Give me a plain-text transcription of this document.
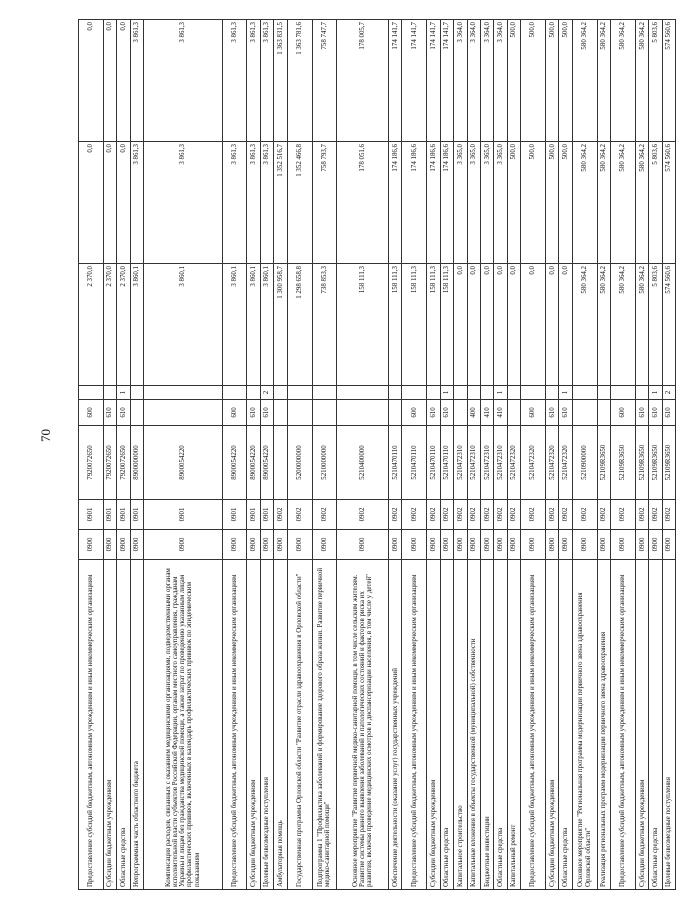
70
Предоставление субсидий бюджетным, автономным учреждениям и иным некоммерческим организациям	0900	0901	7920072650	600		2 370,0	0,0	0,0
Субсидии бюджетным учреждениям	0900	0901	7920072650	610		2 370,0	0,0	0,0
Областные средства	0900	0901	7920072650	610	1	2 370,0	0,0	0,0
Непрограммная часть областного бюджета	0900	0901	8900000000			3 860,1	3 861,3	3 861,3
Компенсация расходов, связанных с оказанием медицинскими организациями, подведомственными органам исполнительной власти субъектов Российской Федерации, органам местного самоуправления, гражданам Украины и лицам без гражданства медицинской помощи, а также затрат по проведению указанным лицам профилактических прививок, включенных в календарь профилактических прививок по эпидемическим показаниям	0900	0901	8900054220			3 860,1	3 861,3	3 861,3
Предоставление субсидий бюджетным, автономным учреждениям и иным некоммерческим организациям	0900	0901	8900054220	600		3 860,1	3 861,3	3 861,3
Субсидии бюджетным учреждениям	0900	0901	8900054220	610		3 860,1	3 861,3	3 861,3
Целевые безвозмездные поступления	0900	0901	8900054220	610	2	3 860,1	3 861,3	3 861,3
Амбулаторная помощь	0900	0902				1 300 958,7	1 352 516,7	1 363 831,5
Государственная программа Орловской области "Развитие отрасли здравоохранения в Орловской области"	0900	0902	5200000000			1 298 658,8	1 352 466,8	1 363 781,6
Подпрограмма 1 "Профилактика заболеваний и формирование здорового образа жизни. Развитие первичной медико-санитарной помощи"	0900	0902	5210000000			738 853,3	758 793,7	758 747,7
Основное мероприятие "Развитие первичной медико-санитарной помощи, в том числе сельским жителям. Развитие системы раннего выявления заболеваний и патологических состояний и факторов риска их развития, включая проведение медицинских осмотров и диспансеризации населения, в том числе у детей"	0900	0902	5210400000			158 111,3	178 051,6	178 005,7
Обеспечение деятельности (оказание услуг) государственных учреждений	0900	0902	5210470110			158 111,3	174 186,6	174 141,7
Предоставление субсидий бюджетным, автономным учреждениям и иным некоммерческим организациям	0900	0902	5210470110	600		158 111,3	174 186,6	174 141,7
Субсидии бюджетным учреждениям	0900	0902	5210470110	610		158 111,3	174 186,6	174 141,7
Областные средства	0900	0902	5210470110	610	1	158 111,3	174 186,6	174 141,7
Капитальное строительство	0900	0902	5210472310			0,0	3 365,0	3 364,0
Капитальные вложения в объекты государственной (муниципальной) собственности	0900	0902	5210472310	400		0,0	3 365,0	3 364,0
Бюджетные инвестиции	0900	0902	5210472310	410		0,0	3 365,0	3 364,0
Областные средства	0900	0902	5210472310	410	1	0,0	3 365,0	3 364,0
Капитальный ремонт	0900	0902	5210472320			0,0	500,0	500,0
Предоставление субсидий бюджетным, автономным учреждениям и иным некоммерческим организациям	0900	0902	5210472320	600		0,0	500,0	500,0
Субсидии бюджетным учреждениям	0900	0902	5210472320	610		0,0	500,0	500,0
Областные средства	0900	0902	5210472320	610	1	0,0	500,0	500,0
Основное мероприятие "Региональная программа модернизации первичного звена здравоохранения Орловской области"	0900	0902	5210900000			580 364,2	580 364,2	580 364,2
Реализация региональных программ модернизации первичного звена здравоохранения	0900	0902	52109R3650			580 364,2	580 364,2	580 364,2
Предоставление субсидий бюджетным, автономным учреждениям и иным некоммерческим организациям	0900	0902	52109R3650	600		580 364,2	580 364,2	580 364,2
Субсидии бюджетным учреждениям	0900	0902	52109R3650	610		580 364,2	580 364,2	580 364,2
Областные средства	0900	0902	52109R3650	610	1	5 803,6	5 803,6	5 803,6
Целевые безвозмездные поступления	0900	0902	52109R3650	610	2	574 560,6	574 560,6	574 560,6
